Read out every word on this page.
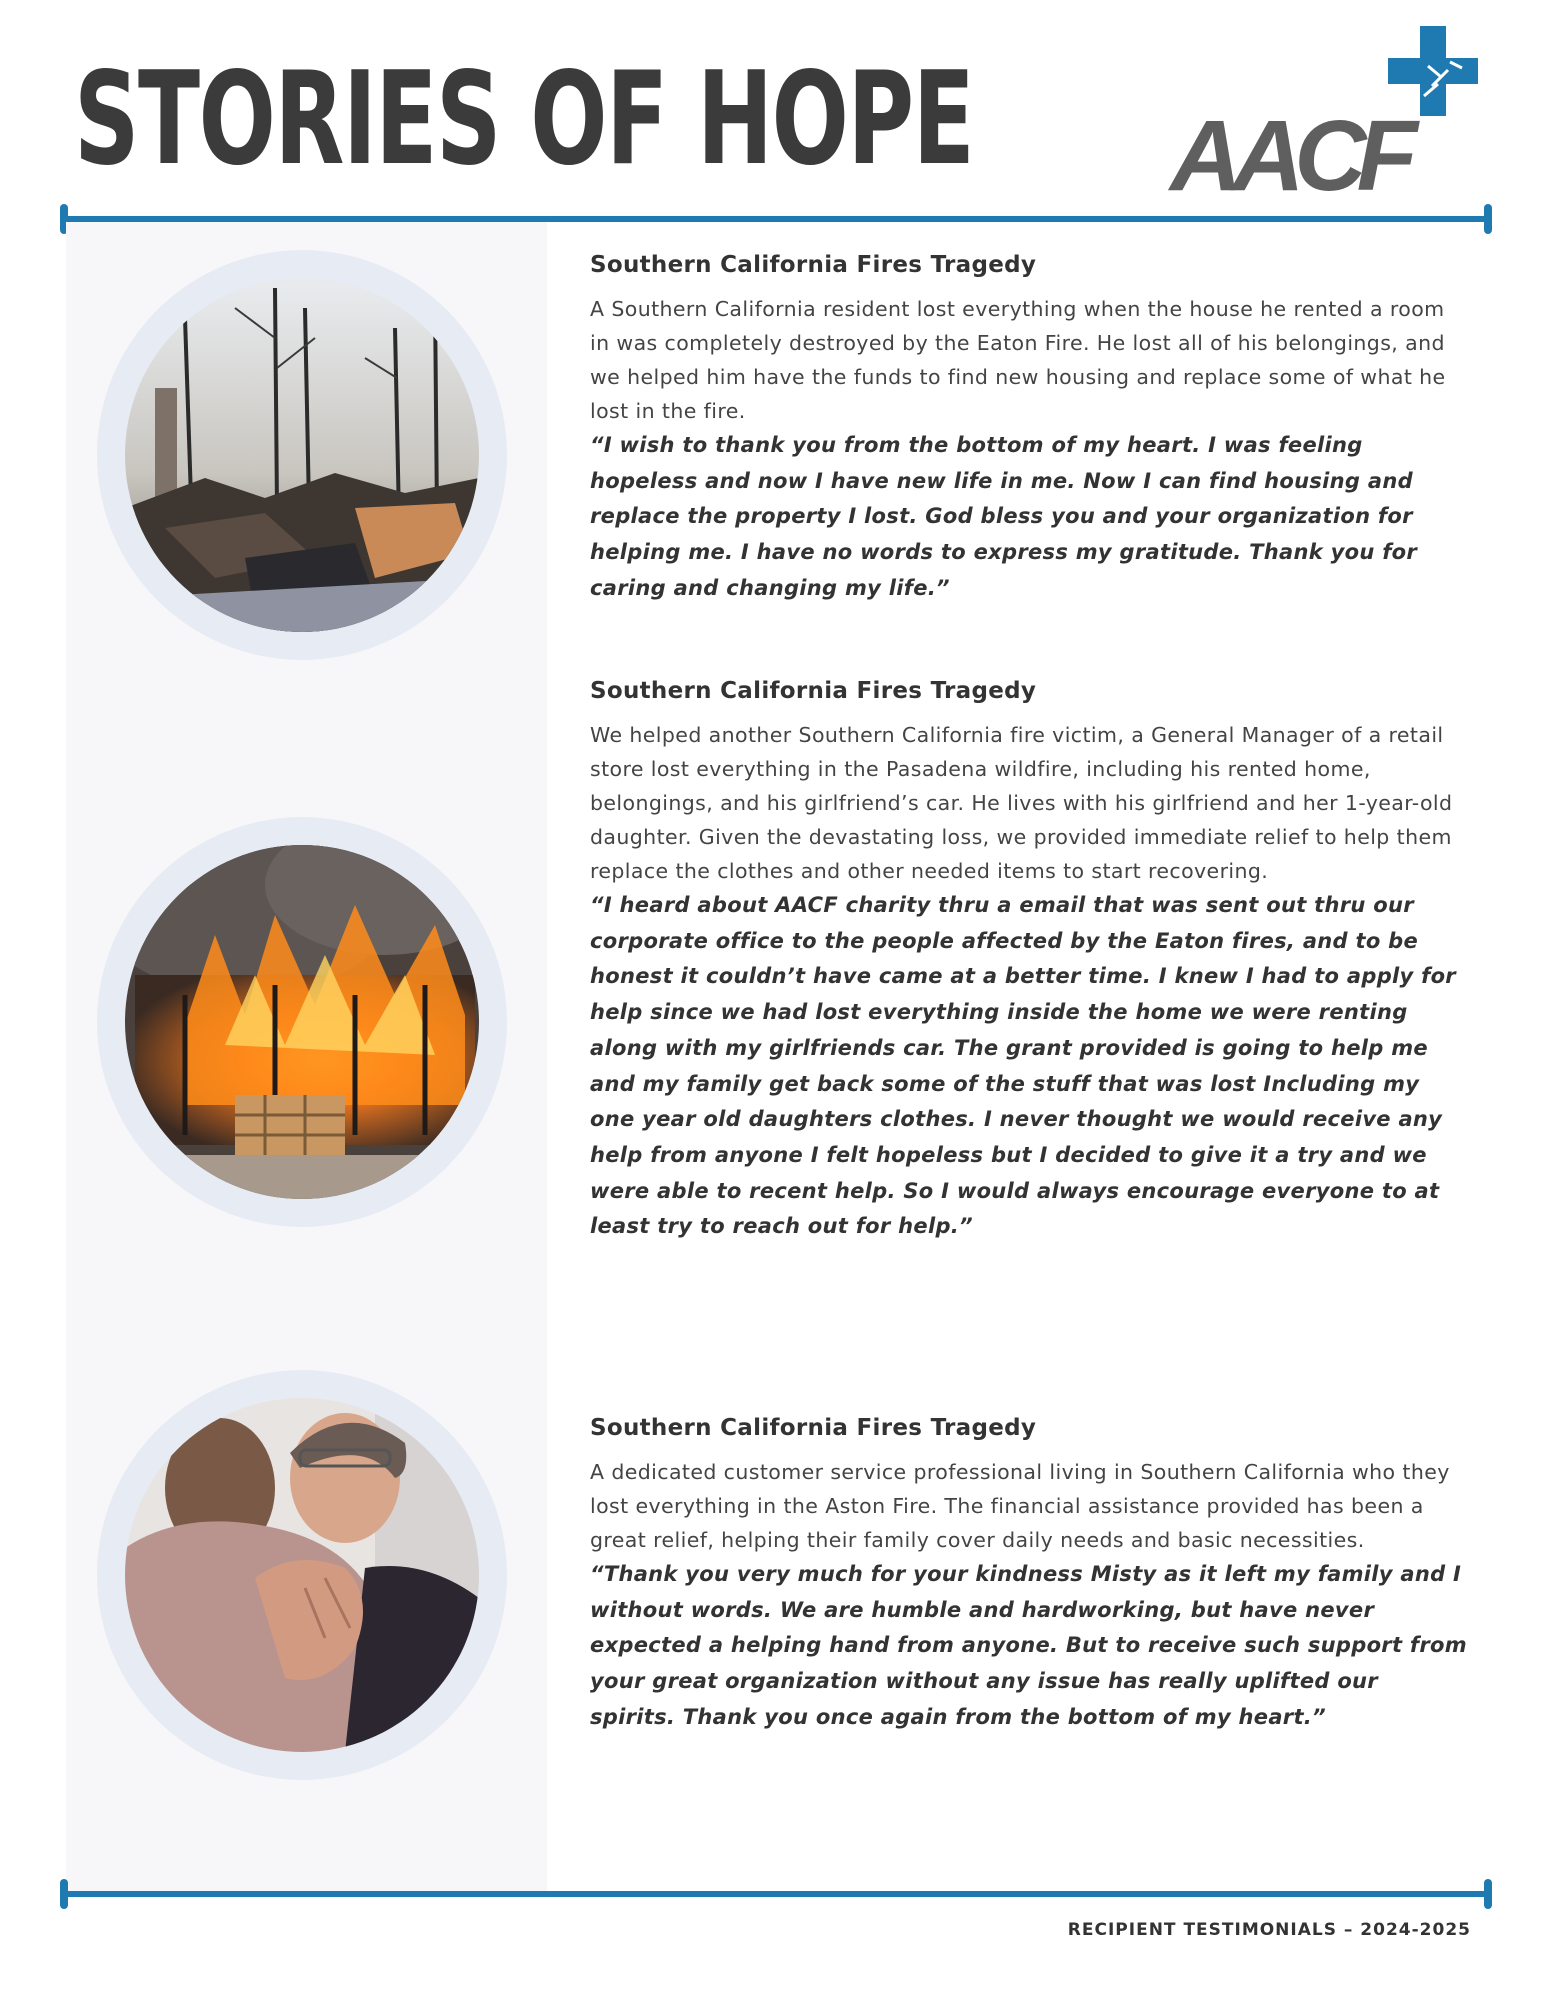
STORIES OF HOPE AACF
Southern California Fires Tragedy

A Southern California resident lost everything when the house he rented a room in was completely destroyed by the Eaton Fire. He lost all of his belongings, and we helped him have the funds to find new housing and replace some of what he lost in the fire.

“I wish to thank you from the bottom of my heart. I was feeling hopeless and now I have new life in me. Now I can find housing and replace the property I lost. God bless you and your organization for helping me. I have no words to express my gratitude. Thank you for caring and changing my life.”

Southern California Fires Tragedy

We helped another Southern California fire victim, a General Manager of a retail store lost everything in the Pasadena wildfire, including his rented home, belongings, and his girlfriend’s car. He lives with his girlfriend and her 1-year-old daughter. Given the devastating loss, we provided immediate relief to help them replace the clothes and other needed items to start recovering.

“I heard about AACF charity thru a email that was sent out thru our corporate office to the people affected by the Eaton fires, and to be honest it couldn’t have came at a better time. I knew I had to apply for help since we had lost everything inside the home we were renting along with my girlfriends car. The grant provided is going to help me and my family get back some of the stuff that was lost Including my one year old daughters clothes. I never thought we would receive any help from anyone I felt hopeless but I decided to give it a try and we were able to recent help. So I would always encourage everyone to at least try to reach out for help.”

Southern California Fires Tragedy

A dedicated customer service professional living in Southern California who they lost everything in the Aston Fire. The financial assistance provided has been a great relief, helping their family cover daily needs and basic necessities.

“Thank you very much for your kindness Misty as it left my family and I without words. We are humble and hardworking, but have never expected a helping hand from anyone. But to receive such support from your great organization without any issue has really uplifted our spirits. Thank you once again from the bottom of my heart.”

RECIPIENT TESTIMONIALS – 2024-2025
